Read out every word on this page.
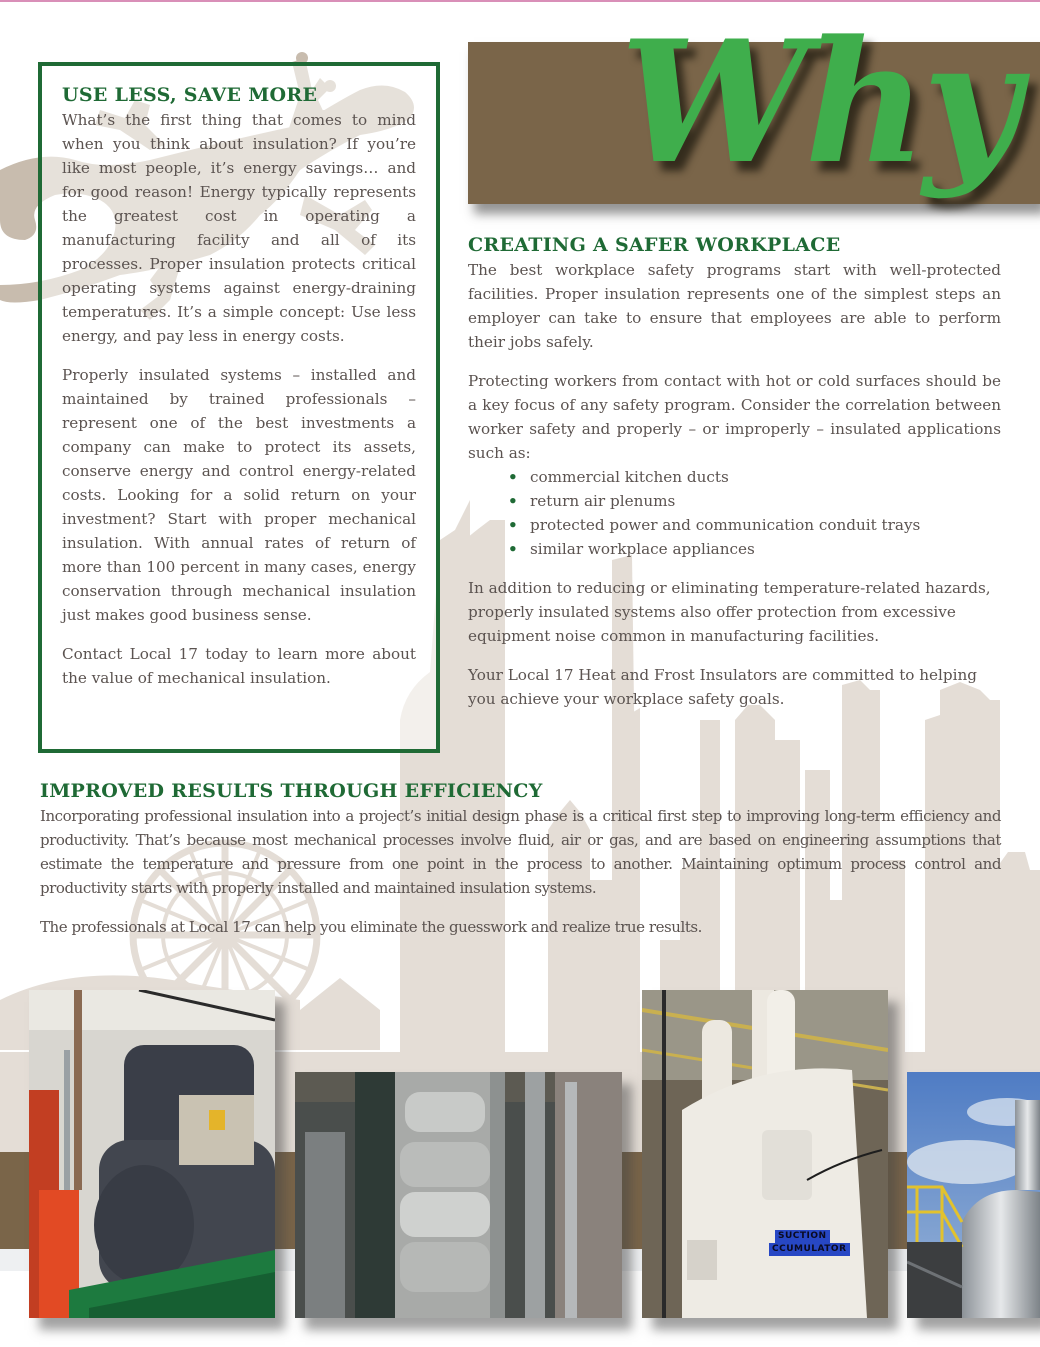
Why
USE LESS, SAVE MORE

What’s the first thing that comes to mind when you think about insulation? If you’re like most people, it’s energy savings… and for good reason! Energy typically represents the greatest cost in operating a manufacturing facility and all of its processes. Proper insulation protects critical operating systems against energy-draining temperatures. It’s a simple concept: Use less energy, and pay less in energy costs.

Properly insulated systems – installed and maintained by trained professionals – represent one of the best investments a company can make to protect its assets, conserve energy and control energy-related costs. Looking for a solid return on your investment? Start with proper mechanical insulation. With annual rates of return of more than 100 percent in many cases, energy conservation through mechanical insulation just makes good business sense.

Contact Local 17 today to learn more about the value of mechanical insulation.

CREATING A SAFER WORKPLACE

The best workplace safety programs start with well-protected facilities. Proper insulation represents one of the simplest steps an employer can take to ensure that employees are able to perform their jobs safely.

Protecting workers from contact with hot or cold surfaces should be a key focus of any safety program. Consider the correlation between worker safety and properly – or improperly – insulated applications such as:

• commercial kitchen ducts
• return air plenums
• protected power and communication conduit trays
• similar workplace appliances

In addition to reducing or eliminating temperature-related hazards, properly insulated systems also offer protection from excessive equipment noise common in manufacturing facilities.

Your Local 17 Heat and Frost Insulators are committed to helping you achieve your workplace safety goals.

IMPROVED RESULTS THROUGH EFFICIENCY

Incorporating professional insulation into a project’s initial design phase is a critical first step to improving long-term efficiency and productivity. That’s because most mechanical processes involve fluid, air or gas, and are based on engineering assumptions that estimate the temperature and pressure from one point in the process to another. Maintaining optimum process control and productivity starts with properly installed and maintained insulation systems.

The professionals at Local 17 can help you eliminate the guesswork and realize true results.

SUCTION
CCUMULATOR
